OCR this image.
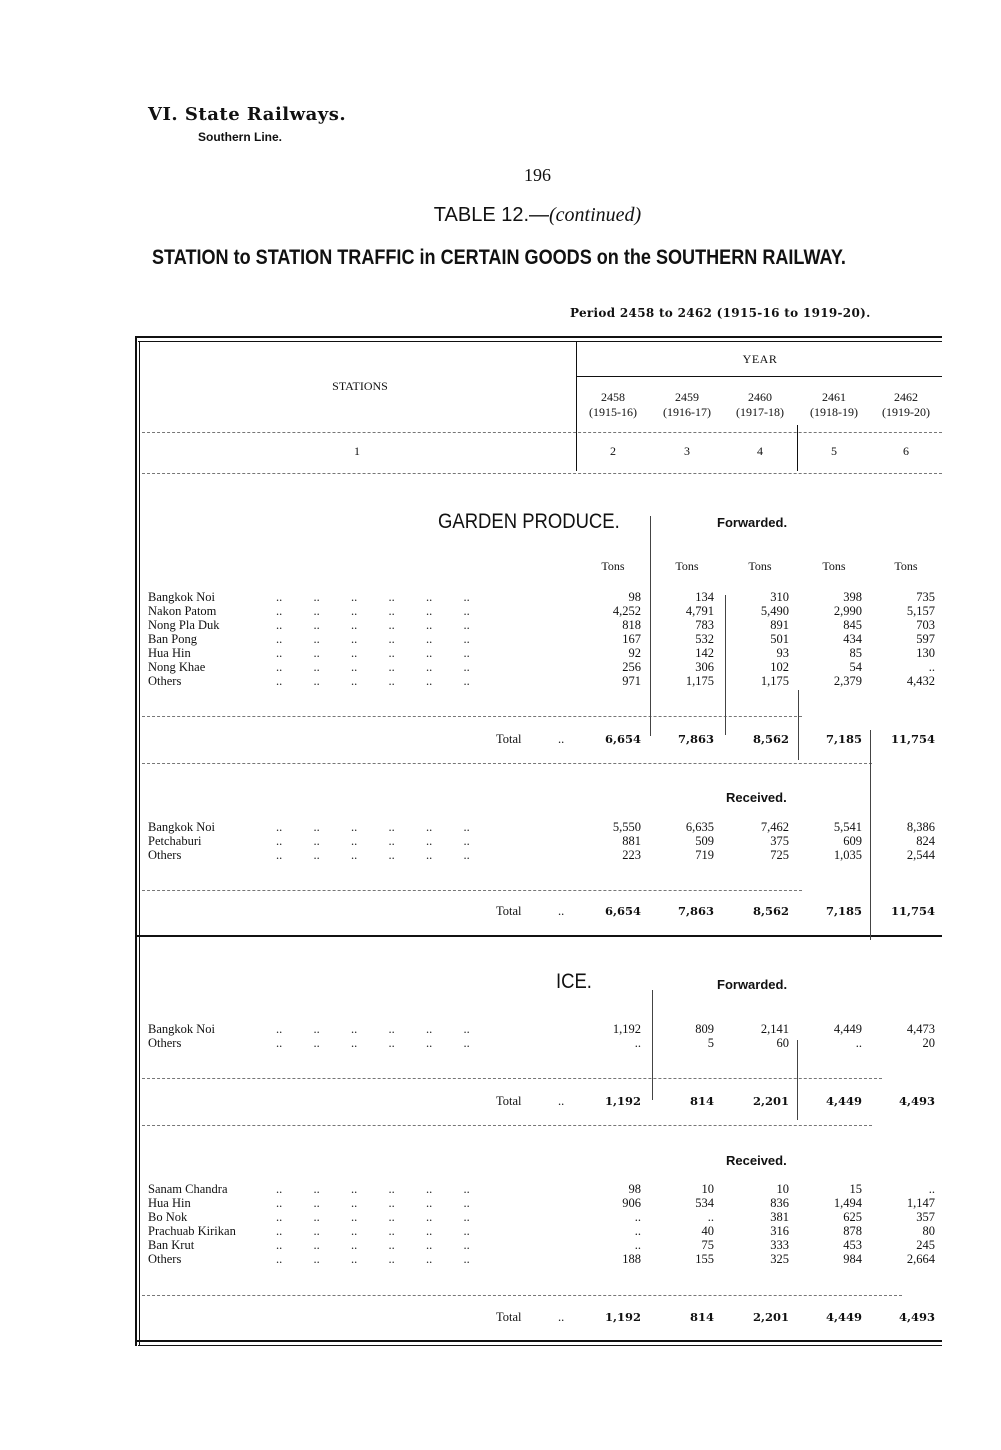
VI. State Railways.
Southern Line.
196
TABLE 12.—(continued)
STATION to STATION TRAFFIC in CERTAIN GOODS on the SOUTHERN RAILWAY.
Period 2458 to 2462 (1915-16 to 1919-20).
STATIONS
YEAR
2458
(1915-16)
2459
(1916-17)
2460
(1917-18)
2461
(1918-19)
2462
(1919-20)
1	2	3	4	5	6
GARDEN PRODUCE.	Forwarded.
Tons	Tons	Tons	Tons	Tons
Bangkok Noi	..          ..          ..          ..          ..          ..	98	134	310	398	735
Nakon Patom	..          ..          ..          ..          ..          ..	4,252	4,791	5,490	2,990	5,157
Nong Pla Duk	..          ..          ..          ..          ..          ..	818	783	891	845	703
Ban Pong	..          ..          ..          ..          ..          ..	167	532	501	434	597
Hua Hin	..          ..          ..          ..          ..          ..	92	142	93	85	130
Nong Khae	..          ..          ..          ..          ..          ..	256	306	102	54	..
Others	..          ..          ..          ..          ..          ..	971	1,175	1,175	2,379	4,432
Total	..	6,654	7,863	8,562	7,185	11,754
Received.
Bangkok Noi	..          ..          ..          ..          ..          ..	5,550	6,635	7,462	5,541	8,386
Petchaburi	..          ..          ..          ..          ..          ..	881	509	375	609	824
Others	..          ..          ..          ..          ..          ..	223	719	725	1,035	2,544
Total	..	6,654	7,863	8,562	7,185	11,754
ICE.	Forwarded.
Bangkok Noi	..          ..          ..          ..          ..          ..	1,192	809	2,141	4,449	4,473
Others	..          ..          ..          ..          ..          ..	..	5	60	..	20
Total	..	1,192	814	2,201	4,449	4,493
Received.
Sanam Chandra	..          ..          ..          ..          ..          ..	98	10	10	15	..
Hua Hin	..          ..          ..          ..          ..          ..	906	534	836	1,494	1,147
Bo Nok	..          ..          ..          ..          ..          ..	..	..	381	625	357
Prachuab Kirikan	..          ..          ..          ..          ..          ..	..	40	316	878	80
Ban Krut	..          ..          ..          ..          ..          ..	..	75	333	453	245
Others	..          ..          ..          ..          ..          ..	188	155	325	984	2,664
Total	..	1,192	814	2,201	4,449	4,493
